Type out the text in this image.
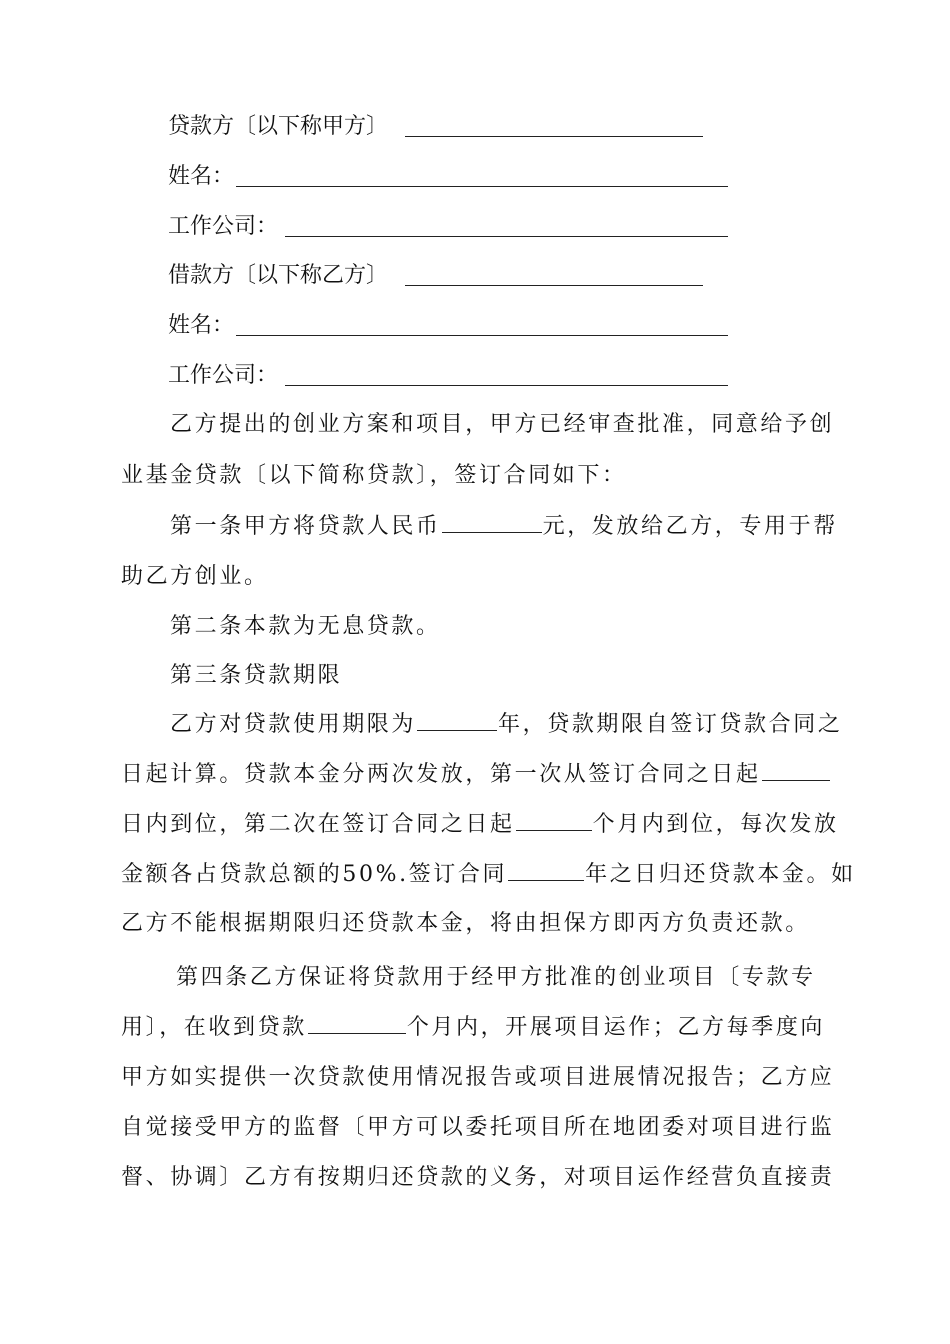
贷款方〔以下称甲方〕
姓名：
工作公司：
借款方〔以下称乙方〕
姓名：
工作公司：
乙方提出的创业方案和项目，甲方已经审查批准，同意给予创
业基金贷款〔以下简称贷款〕，签订合同如下：
第一条甲方将贷款人民币	元，发放给乙方，专用于帮
助乙方创业。
第二条本款为无息贷款。
第三条贷款期限
乙方对贷款使用期限为	年，贷款期限自签订贷款合同之
日起计算。贷款本金分两次发放，第一次从签订合同之日起
日内到位，第二次在签订合同之日起	个月内到位，每次发放
金额各占贷款总额的50%.签订合同	年之日归还贷款本金。如
乙方不能根据期限归还贷款本金，将由担保方即丙方负责还款。
第四条乙方保证将贷款用于经甲方批准的创业项目〔专款专
用〕，在收到贷款	个月内，开展项目运作；乙方每季度向
甲方如实提供一次贷款使用情况报告或项目进展情况报告；乙方应
自觉接受甲方的监督〔甲方可以委托项目所在地团委对项目进行监
督、协调〕乙方有按期归还贷款的义务，对项目运作经营负直接责
